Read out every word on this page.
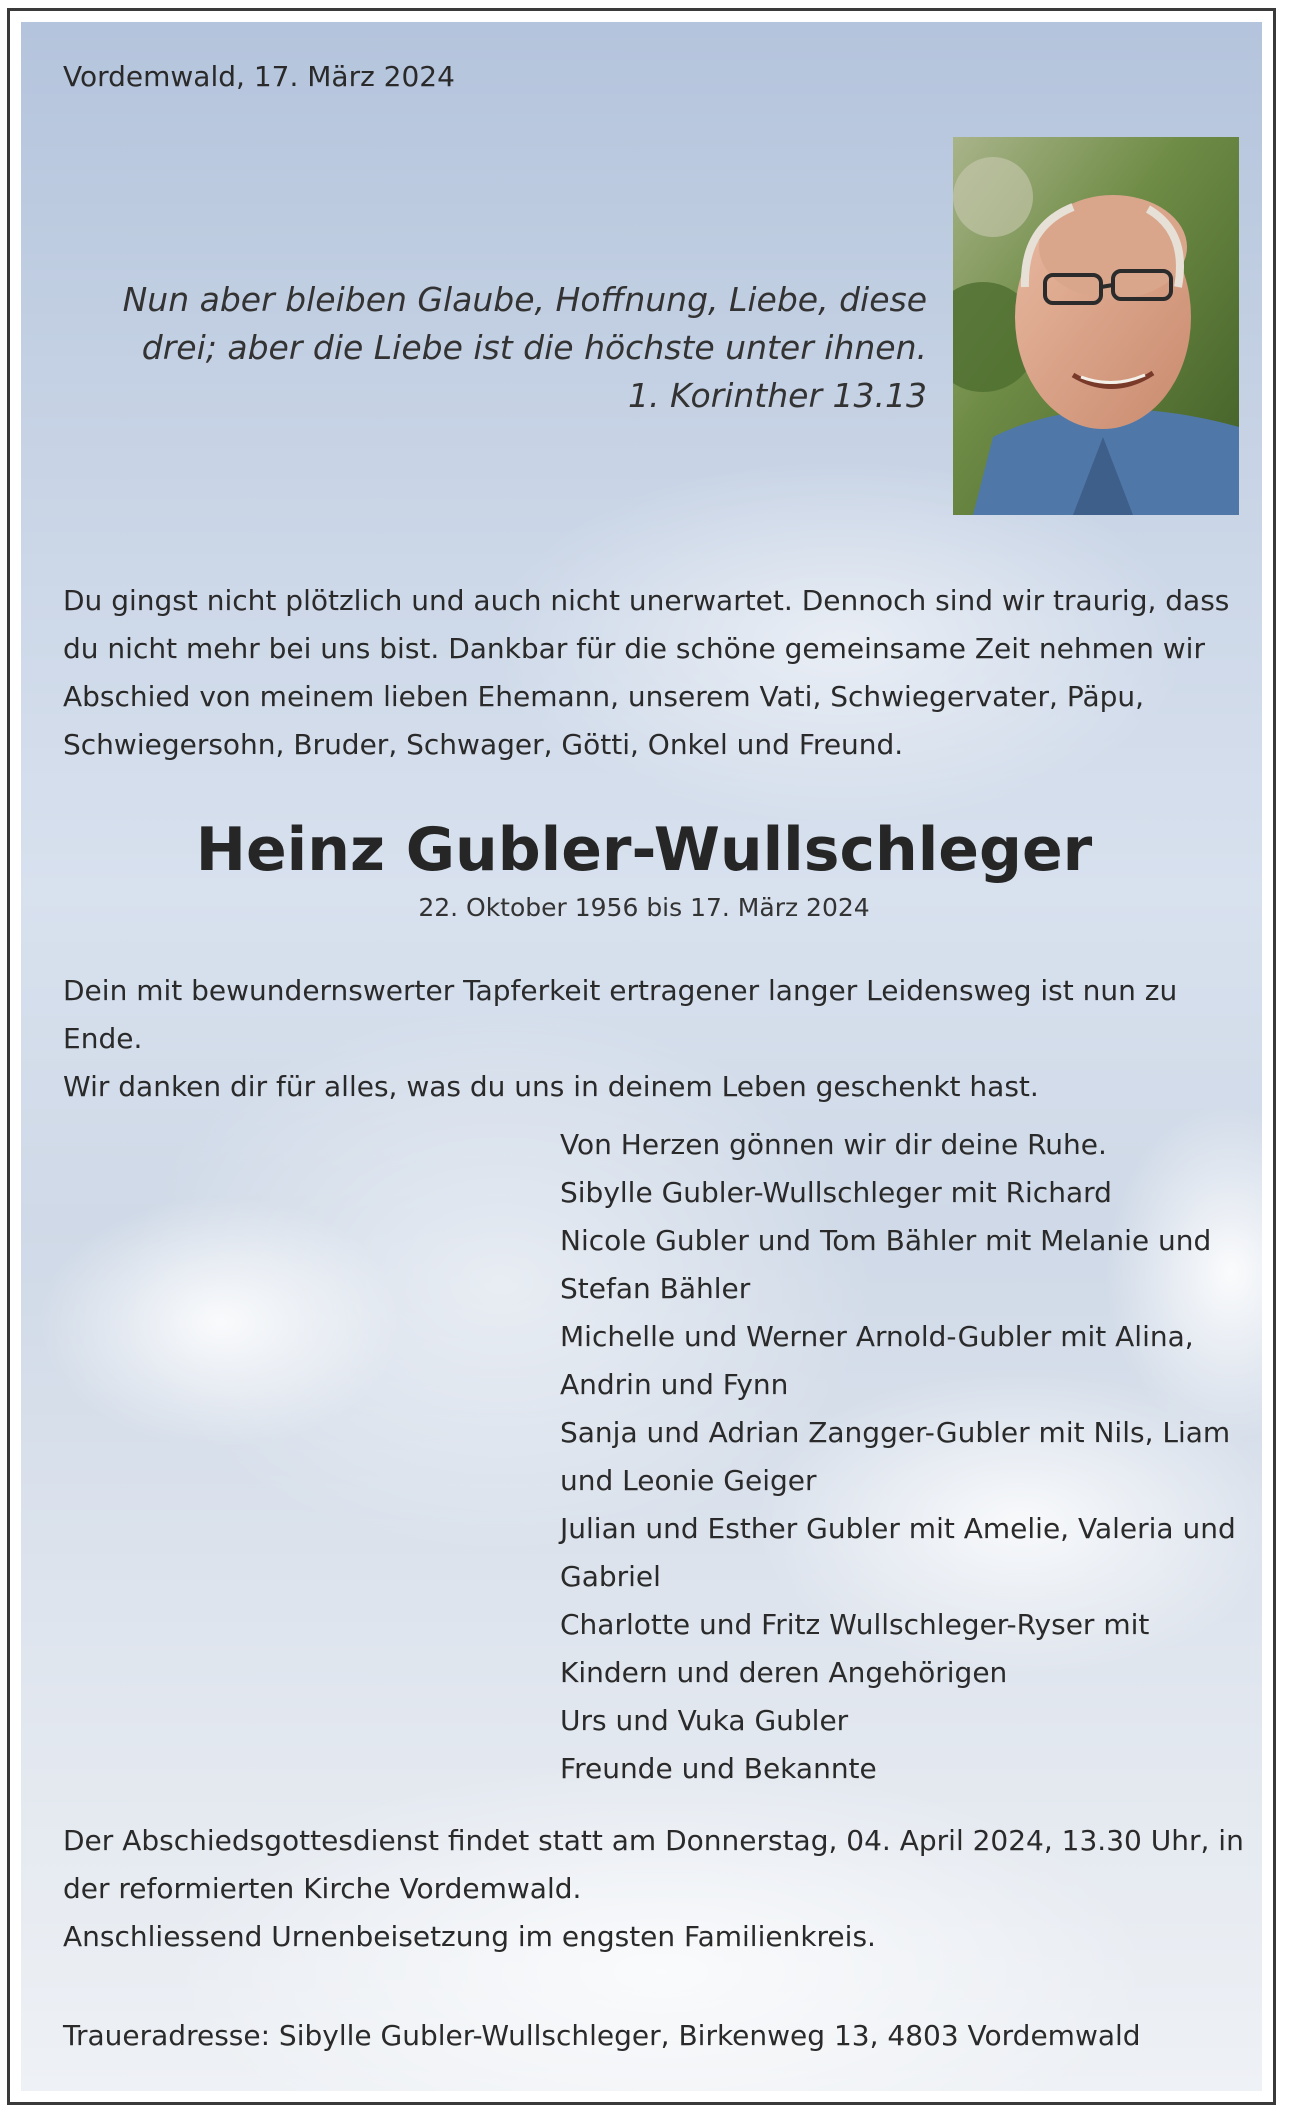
Vordemwald, 17. März 2024

Nun aber bleiben Glaube, Hoffnung, Liebe, diese
drei; aber die Liebe ist die höchste unter ihnen.
1. Korinther 13.13

Du gingst nicht plötzlich und auch nicht unerwartet. Dennoch sind wir traurig, dass du nicht mehr bei uns bist. Dankbar für die schöne gemeinsame Zeit nehmen wir Abschied von meinem lieben Ehemann, unserem Vati, Schwiegervater, Päpu, Schwiegersohn, Bruder, Schwager, Götti, Onkel und Freund.

Heinz Gubler-Wullschleger

22. Oktober 1956 bis 17. März 2024

Dein mit bewundernswerter Tapferkeit ertragener langer Leidensweg ist nun zu Ende.
Wir danken dir für alles, was du uns in deinem Leben geschenkt hast.
Von Herzen gönnen wir dir deine Ruhe.
Sibylle Gubler-Wullschleger mit Richard
Nicole Gubler und Tom Bähler mit Melanie und Stefan Bähler
Michelle und Werner Arnold-Gubler mit Alina, Andrin und Fynn
Sanja und Adrian Zangger-Gubler mit Nils, Liam und Leonie Geiger
Julian und Esther Gubler mit Amelie, Valeria und Gabriel
Charlotte und Fritz Wullschleger-Ryser mit Kindern und deren Angehörigen
Urs und Vuka Gubler
Freunde und Bekannte
Der Abschiedsgottesdienst findet statt am Donnerstag, 04. April 2024, 13.30 Uhr, in der reformierten Kirche Vordemwald.
Anschliessend Urnenbeisetzung im engsten Familienkreis.

Traueradresse: Sibylle Gubler-Wullschleger, Birkenweg 13, 4803 Vordemwald
